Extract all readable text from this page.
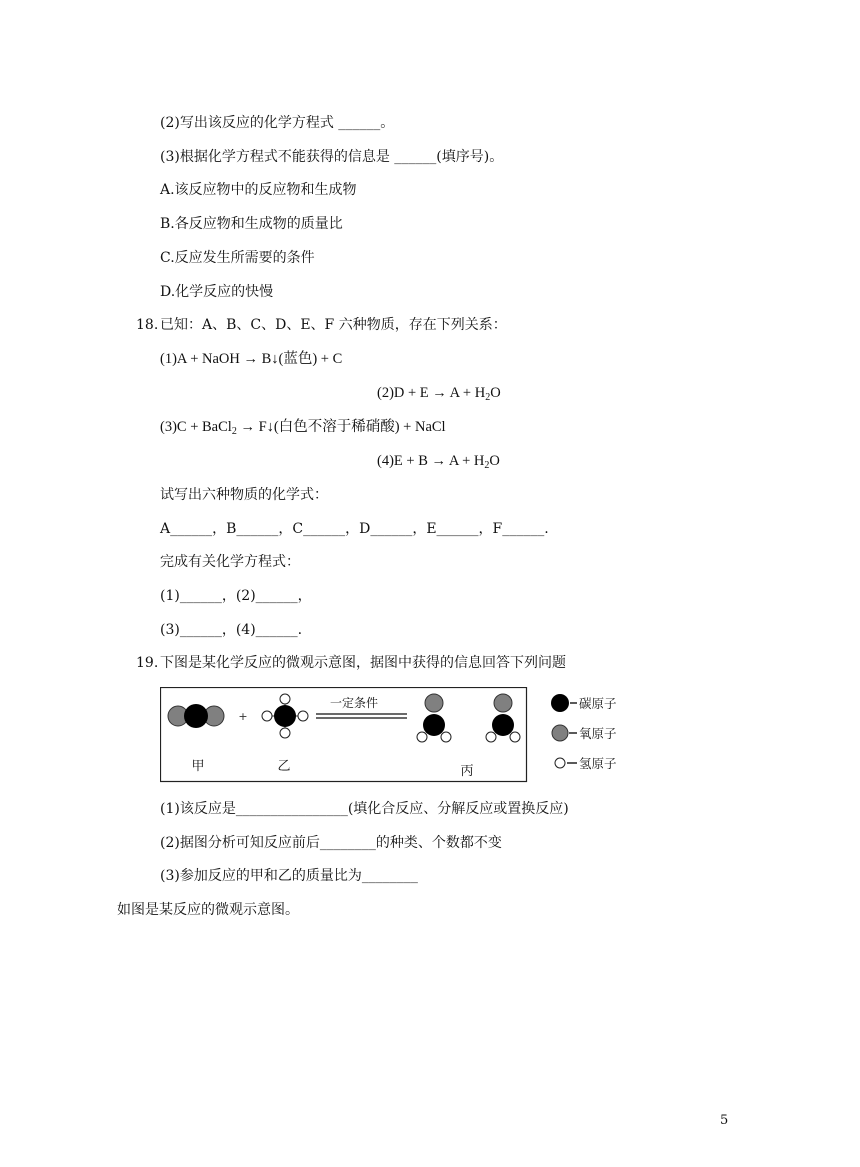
(2)写出该反应的化学方程式 ______。
(3)根据化学方程式不能获得的信息是 ______(填序号)。
A.该反应物中的反应物和生成物
B.各反应物和生成物的质量比
C.反应发生所需要的条件
D.化学反应的快慢
18. 已知：A、B、C、D、E、F 六种物质，存在下列关系：
(1)A + NaOH → B↓(蓝色) + C
$(2)D + E \to A + H_2O$
(3)C + BaCl$_2$ → F↓(白色不溶于稀硝酸) + NaCl
$(4)E + B \to A + H_2O$
试写出六种物质的化学式：
A______，B______，C______，D______，E______，F______.
完成有关化学方程式：
(1)______，(2)______，
(3)______，(4)______.
19. 下图是某化学反应的微观示意图，据图中获得的信息回答下列问题
+
一定条件
甲	乙	丙
碳原子
氧原子
氢原子
(1)该反应是________________(填化合反应、分解反应或置换反应)
(2)据图分析可知反应前后________的种类、个数都不变
(3)参加反应的甲和乙的质量比为________
如图是某反应的微观示意图。
5
